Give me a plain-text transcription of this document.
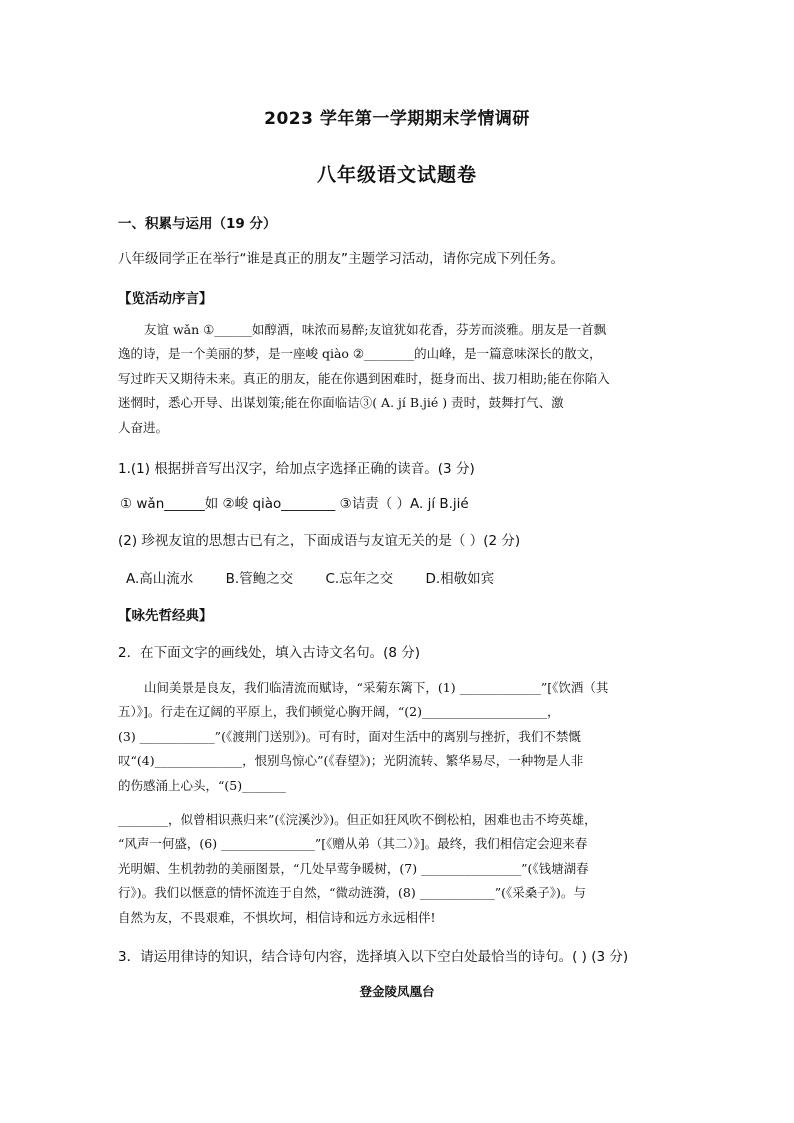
2023 学年第一学期期末学情调研
八年级语文试题卷
一、积累与运用（19 分）
八年级同学正在举行“谁是真正的朋友”主题学习活动，请你完成下列任务。
【览活动序言】
友谊 wǎn ①______如醇酒，味浓而易醉;友谊犹如花香，芬芳而淡雅。朋友是一首飘
逸的诗，是一个美丽的梦，是一座峻 qiào ②________的山峰，是一篇意味深长的散文，
写过昨天又期待未来。真正的朋友，能在你遇到困难时，挺身而出、拔刀相助;能在你陷入
迷惘时，悉心开导、出谋划策;能在你面临诘③( A. jí B.jié ) 责时，鼓舞打气、激
人奋进。
1.(1) 根据拼音写出汉字，给加点字选择正确的读音。(3 分)
① wǎn______如 ②峻 qiào________ ③诘责（ ）A. jí B.jié
(2) 珍视友谊的思想古已有之，下面成语与友谊无关的是（ ）(2 分)
A.高山流水 B.管鲍之交 C.忘年之交 D.相敬如宾
【咏先哲经典】
2．在下面文字的画线处，填入古诗文名句。(8 分)
山间美景是良友，我们临清流而赋诗，“采菊东篱下，(1) _____________”[《饮酒（其
五）》]。行走在辽阔的平原上，我们顿觉心胸开阔，“(2)____________________，
(3) ____________”(《渡荆门送别》)。可有时，面对生活中的离别与挫折，我们不禁慨
叹“(4)______________，恨别鸟惊心”(《春望》)；光阴流转、繁华易尽，一种物是人非
的伤感涌上心头，“(5)_______
________，似曾相识燕归来”(《浣溪沙》)。但正如狂风吹不倒松柏，困难也击不垮英雄，
“风声一何盛，(6) _______________”[《赠从弟（其二）》]。最终，我们相信定会迎来春
光明媚、生机勃勃的美丽图景，“几处早莺争暖树，(7) ________________”(《钱塘湖春
行》)。我们以惬意的情怀流连于自然，“微动涟漪，(8) ____________”(《采桑子》)。与
自然为友，不畏艰难，不惧坎坷，相信诗和远方永远相伴!
3．请运用律诗的知识，结合诗句内容，选择填入以下空白处最恰当的诗句。( ) (3 分)
登金陵凤凰台
